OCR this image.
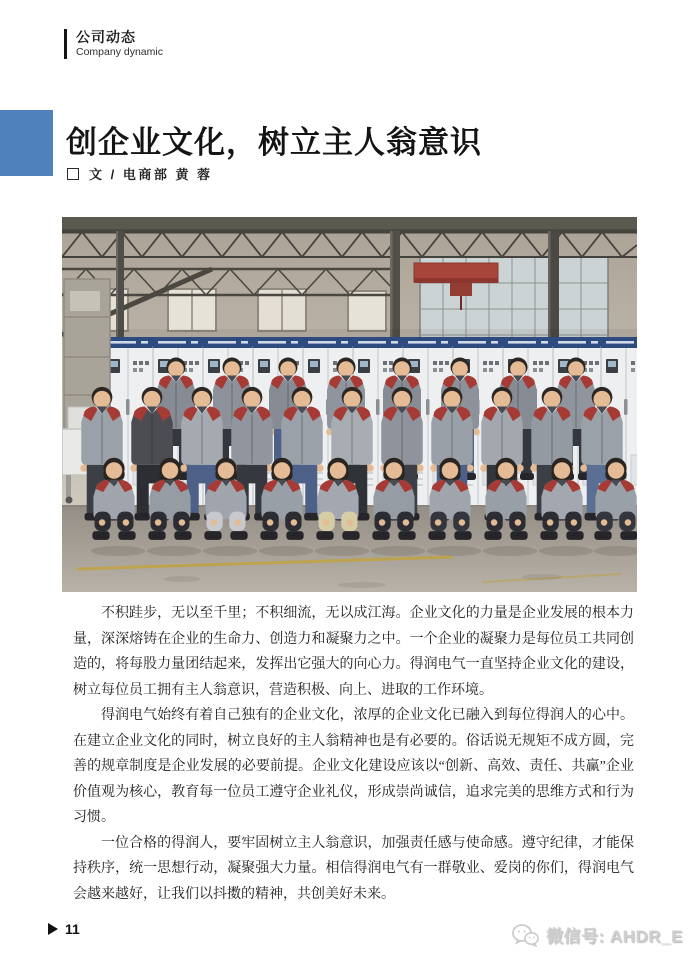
公司动态
Company dynamic
创企业文化，树立主人翁意识
文 / 电商部 黄 蓉

不积跬步，无以至千里；不积细流，无以成江海。企业文化的力量是企业发展的根本力量，深深熔铸在企业的生命力、创造力和凝聚力之中。一个企业的凝聚力是每位员工共同创造的，将每股力量团结起来，发挥出它强大的向心力。得润电气一直坚持企业文化的建设，树立每位员工拥有主人翁意识，营造积极、向上、进取的工作环境。

得润电气始终有着自己独有的企业文化，浓厚的企业文化已融入到每位得润人的心中。在建立企业文化的同时，树立良好的主人翁精神也是有必要的。俗话说无规矩不成方圆，完善的规章制度是企业发展的必要前提。企业文化建设应该以“创新、高效、责任、共赢”企业价值观为核心，教育每一位员工遵守企业礼仪，形成崇尚诚信，追求完美的思维方式和行为习惯。

一位合格的得润人，要牢固树立主人翁意识，加强责任感与使命感。遵守纪律，才能保持秩序，统一思想行动，凝聚强大力量。相信得润电气有一群敬业、爱岗的你们，得润电气会越来越好，让我们以抖擞的精神，共创美好未来。

11	微信号: AHDR_E
